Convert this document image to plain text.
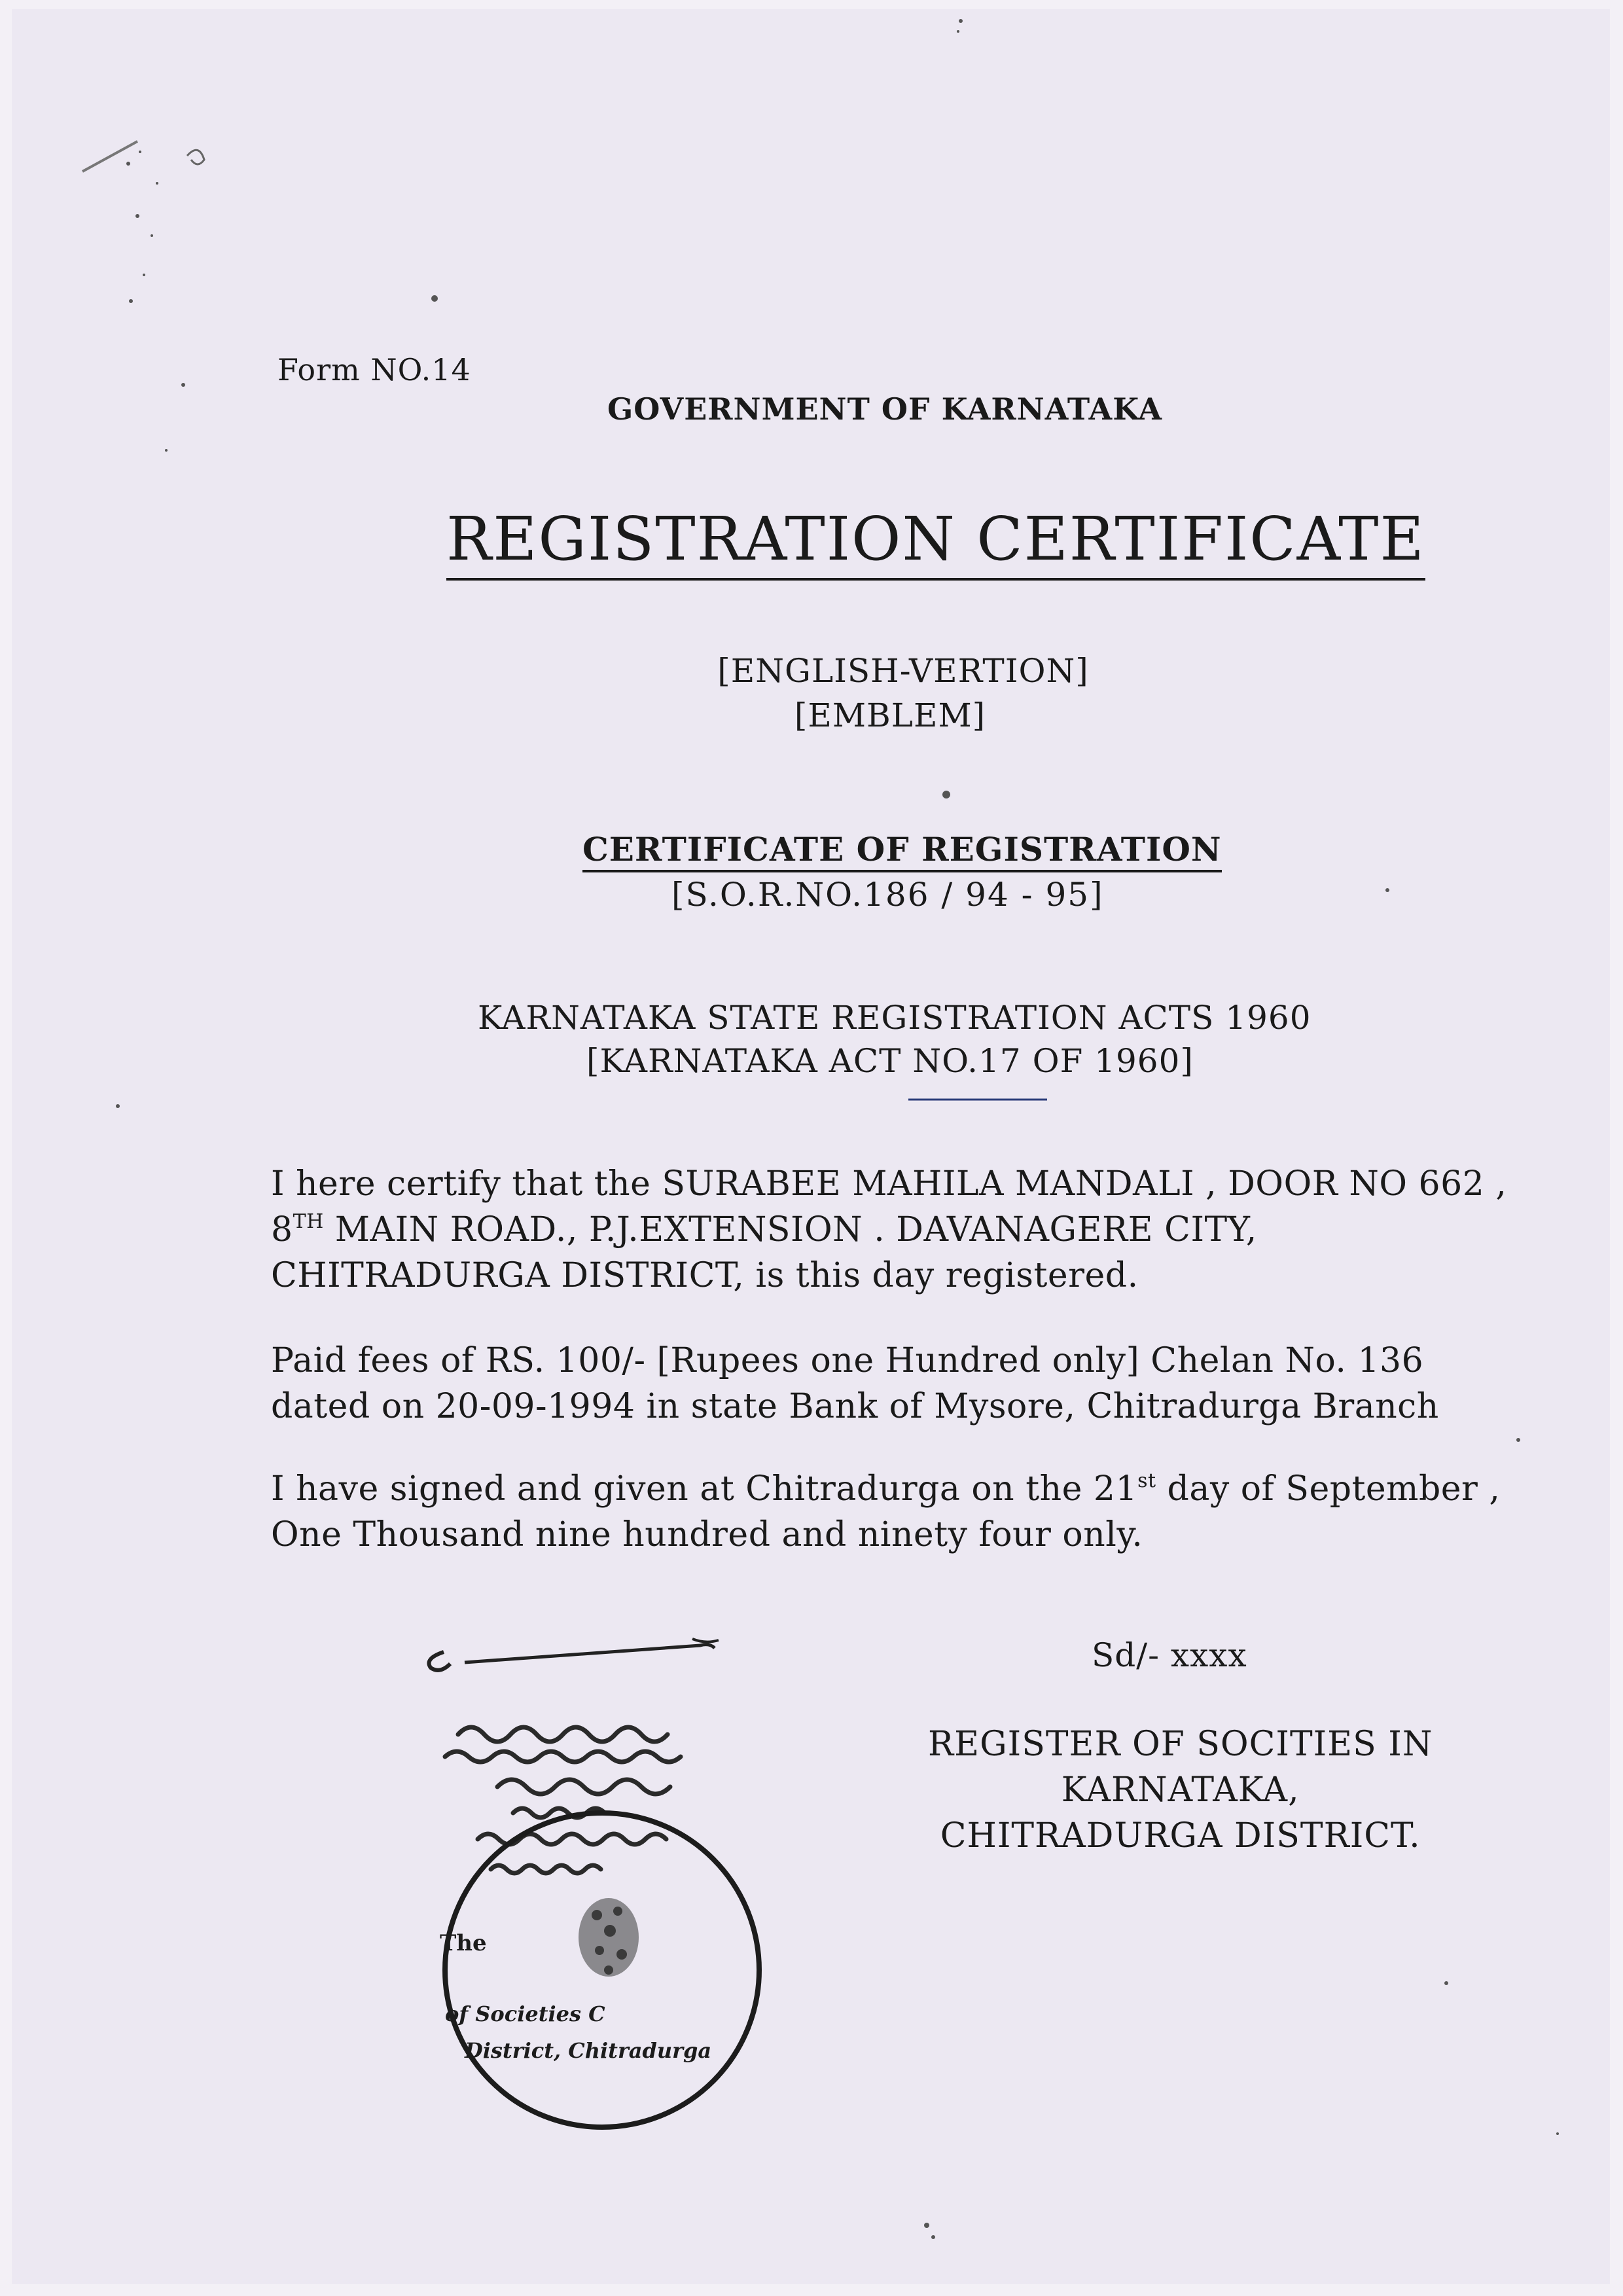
Form NO.14
GOVERNMENT OF KARNATAKA
REGISTRATION CERTIFICATE
[ENGLISH-VERTION]
[EMBLEM]
CERTIFICATE OF REGISTRATION
[S.O.R.NO.186 / 94 - 95]
KARNATAKA STATE REGISTRATION ACTS 1960
[KARNATAKA ACT NO.17 OF 1960]
I here certify that the SURABEE MAHILA MANDALI , DOOR NO 662 ,
8TH MAIN ROAD., P.J.EXTENSION . DAVANAGERE CITY,
CHITRADURGA DISTRICT, is this day registered.
Paid fees of RS. 100/- [Rupees one Hundred only] Chelan No. 136
dated on 20-09-1994 in state Bank of Mysore, Chitradurga Branch
I have signed and given at Chitradurga on the 21st day of September ,
One Thousand nine hundred and ninety four only.
Sd/- xxxx
REGISTER OF SOCITIES IN
KARNATAKA,
CHITRADURGA DISTRICT.
The
of Societies C
District, Chitradurga
